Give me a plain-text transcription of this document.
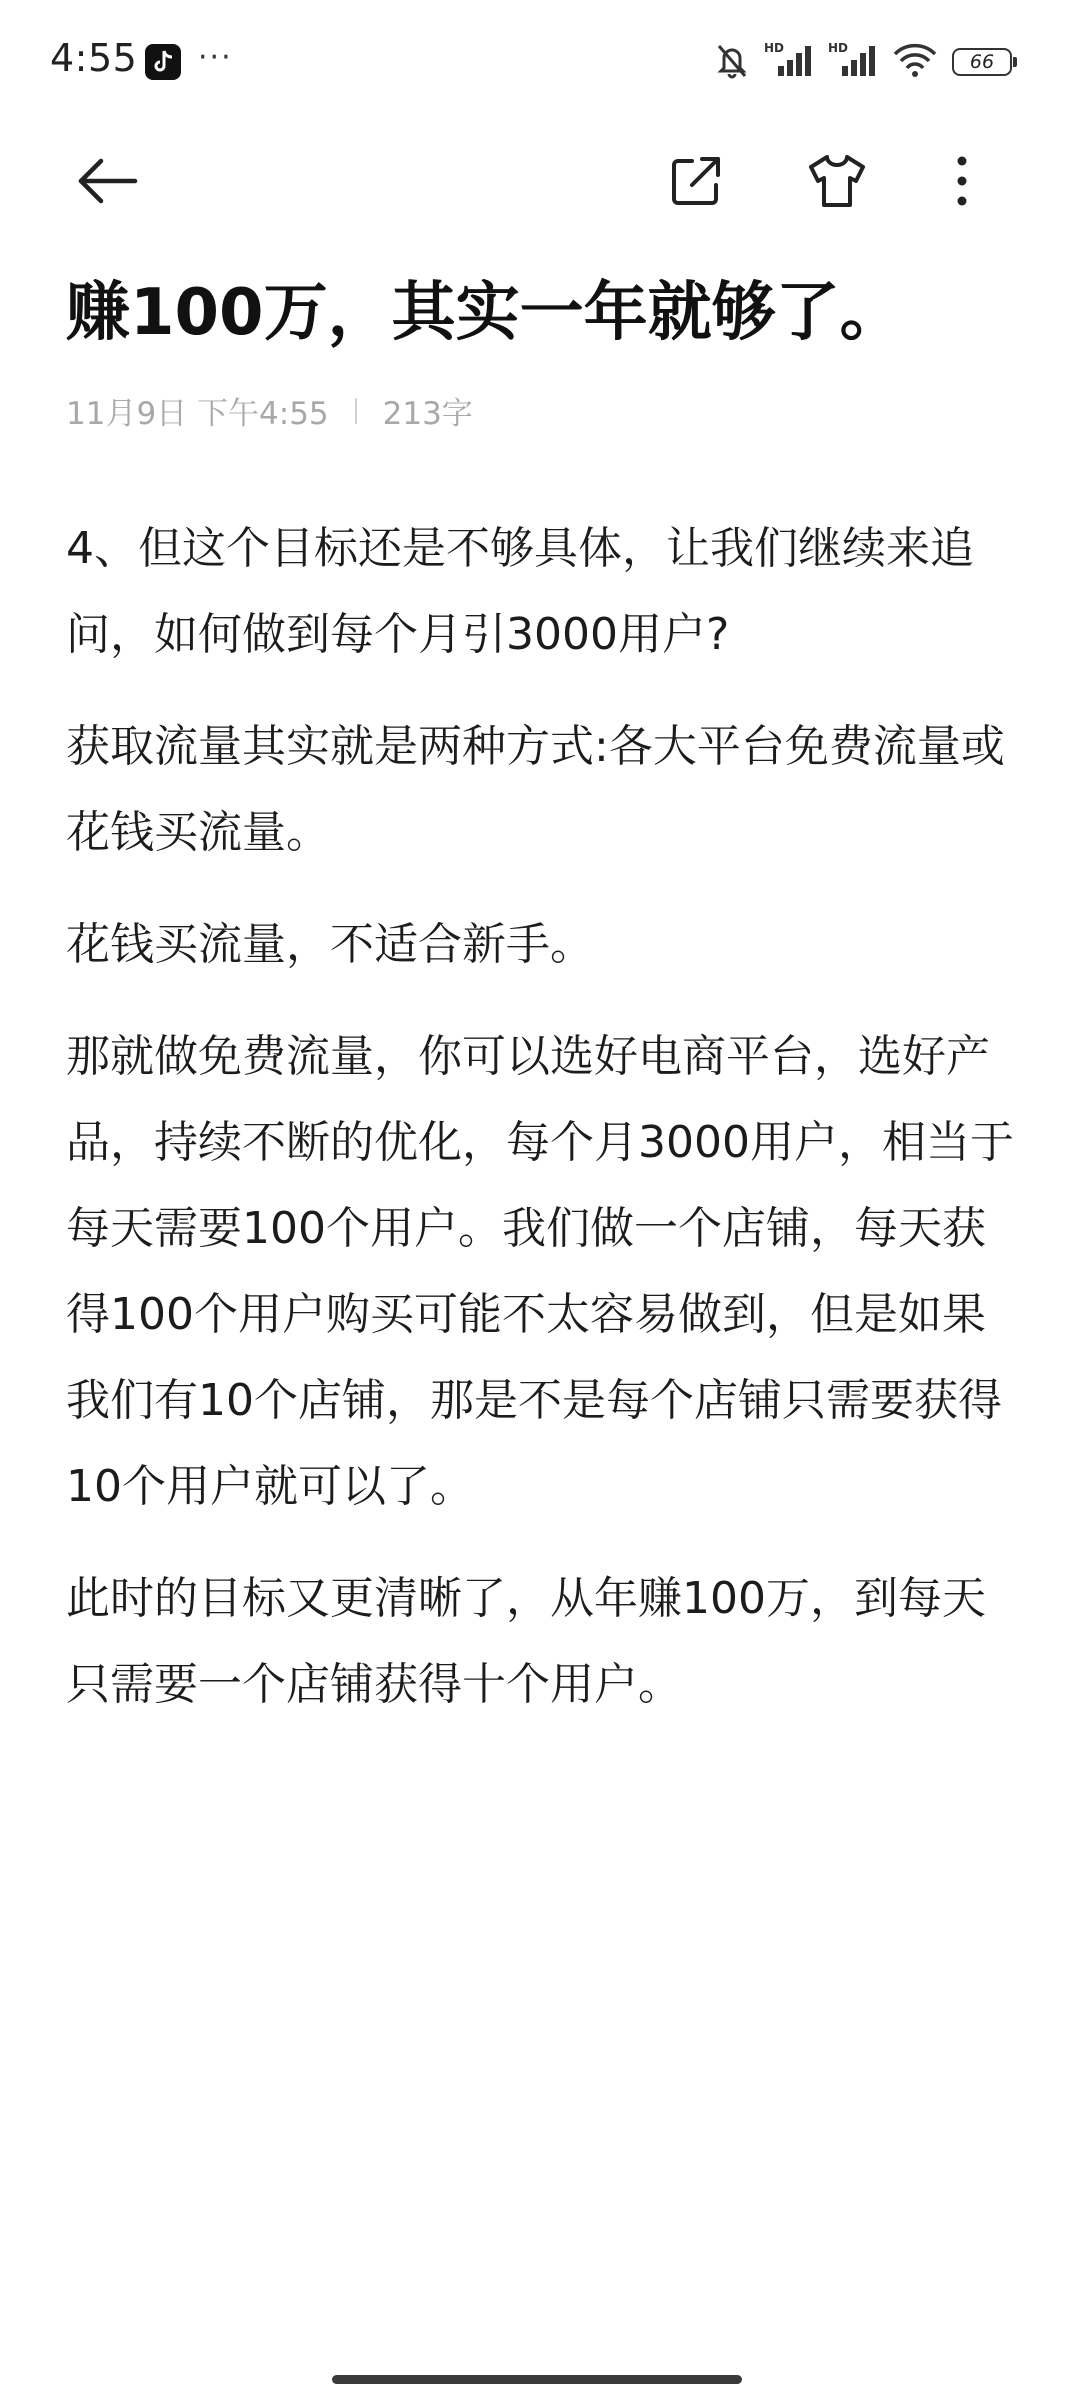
4:55 ···	HD	HD
66
赚100万，其实一年就够了。
11月9日 下午4:55 213字

4、但这个目标还是不够具体，让我们继续来追问，如何做到每个月引3000用户?

获取流量其实就是两种方式:各大平台免费流量或花钱买流量。

花钱买流量，不适合新手。

那就做免费流量，你可以选好电商平台，选好产品，持续不断的优化，每个月3000用户，相当于每天需要100个用户。我们做一个店铺，每天获得100个用户购买可能不太容易做到，但是如果我们有10个店铺，那是不是每个店铺只需要获得10个用户就可以了。

此时的目标又更清晰了，从年赚100万，到每天只需要一个店铺获得十个用户。
